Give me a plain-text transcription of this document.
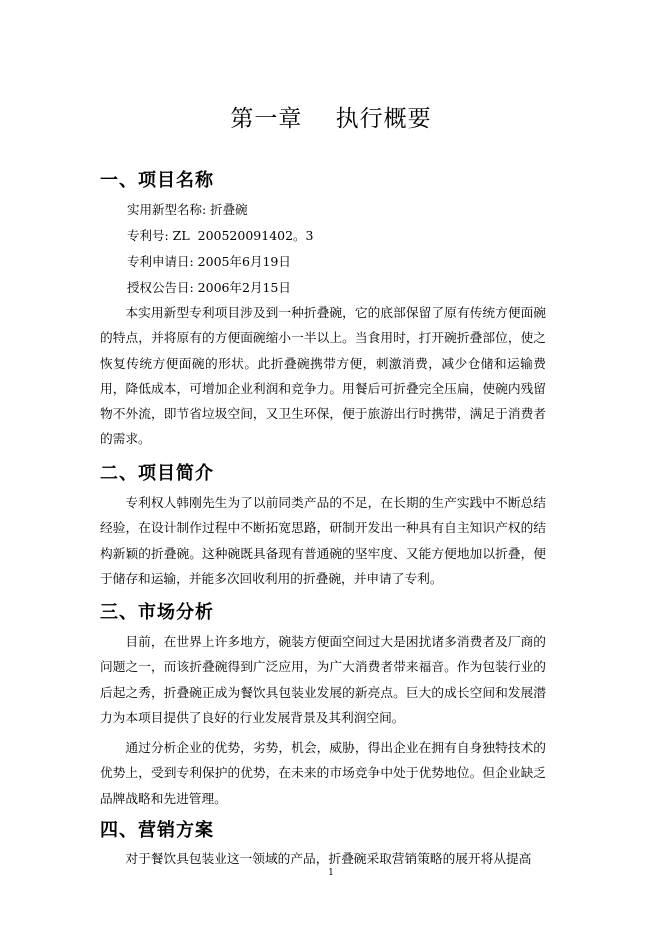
第一章    执行概要
一、项目名称
实用新型名称: 折叠碗
专利号: ZL  200520091402。3
专利申请日: 2005年6月19日
授权公告日: 2006年2月15日
本实用新型专利项目涉及到一种折叠碗，它的底部保留了原有传统方便面碗的特点，并将原有的方便面碗缩小一半以上。当食用时，打开碗折叠部位，使之恢复传统方便面碗的形状。此折叠碗携带方便，刺激消费，减少仓储和运输费用，降低成本，可增加企业利润和竞争力。用餐后可折叠完全压扁，使碗内残留物不外流，即节省垃圾空间，又卫生环保，便于旅游出行时携带，满足于消费者的需求。
二、项目简介
专利权人韩刚先生为了以前同类产品的不足，在长期的生产实践中不断总结经验，在设计制作过程中不断拓宽思路，研制开发出一种具有自主知识产权的结构新颖的折叠碗。这种碗既具备现有普通碗的坚牢度、又能方便地加以折叠，便于储存和运输，并能多次回收利用的折叠碗，并申请了专利。
三、市场分析
目前，在世界上许多地方，碗装方便面空间过大是困扰诸多消费者及厂商的问题之一，而该折叠碗得到广泛应用，为广大消费者带来福音。作为包装行业的后起之秀，折叠碗正成为餐饮具包装业发展的新亮点。巨大的成长空间和发展潜力为本项目提供了良好的行业发展背景及其利润空间。
通过分析企业的优势，劣势，机会，威胁，得出企业在拥有自身独特技术的优势上，受到专利保护的优势，在未来的市场竞争中处于优势地位。但企业缺乏品牌战略和先进管理。
四、营销方案
对于餐饮具包装业这一领域的产品，折叠碗采取营销策略的展开将从提高
1
